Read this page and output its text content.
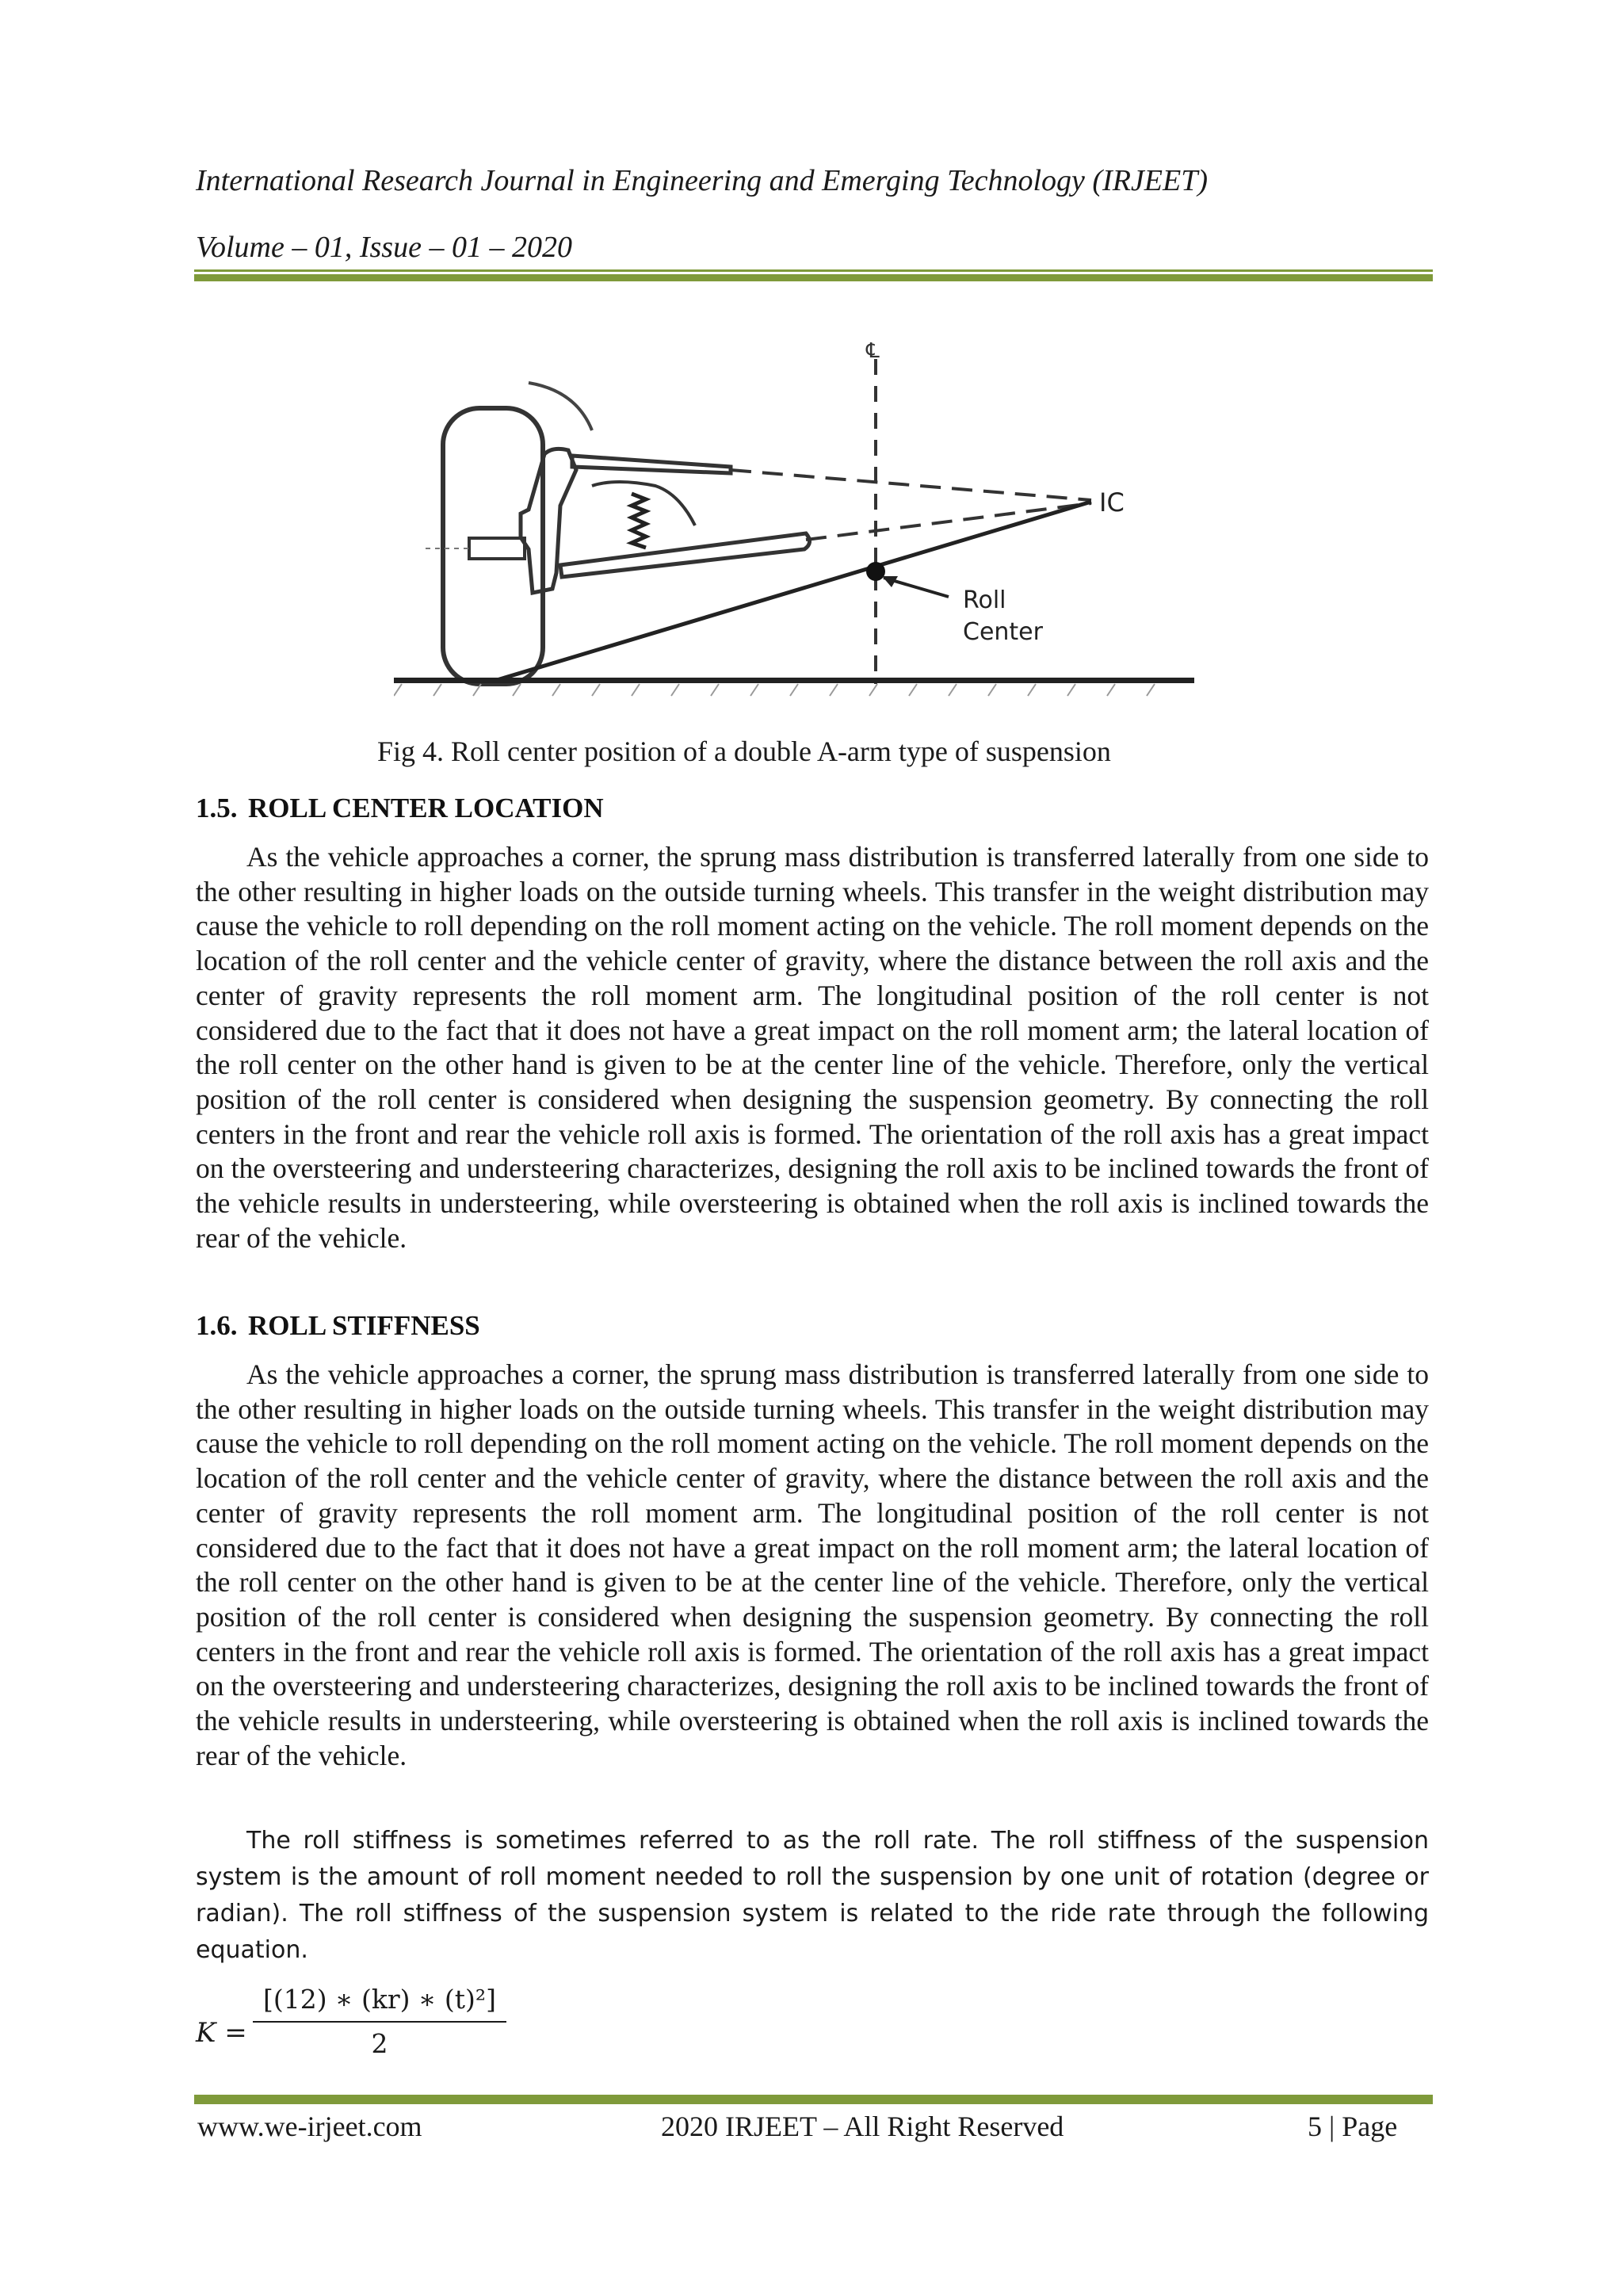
International Research Journal in Engineering and Emerging Technology (IRJEET)
Volume – 01, Issue – 01 – 2020
℄
IC
Roll
Center
Fig 4. Roll center position of a double A-arm type of suspension
1.5. ROLL CENTER LOCATION

As the vehicle approaches a corner, the sprung mass distribution is transferred laterally from one side to the other resulting in higher loads on the outside turning wheels. This transfer in the weight distribution may cause the vehicle to roll depending on the roll moment acting on the vehicle. The roll moment depends on the location of the roll center and the vehicle center of gravity, where the distance between the roll axis and the center of gravity represents the roll moment arm. The longitudinal position of the roll center is not considered due to the fact that it does not have a great impact on the roll moment arm; the lateral location of the roll center on the other hand is given to be at the center line of the vehicle. Therefore, only the vertical position of the roll center is considered when designing the suspension geometry. By connecting the roll centers in the front and rear the vehicle roll axis is formed. The orientation of the roll axis has a great impact on the oversteering and understeering characterizes, designing the roll axis to be inclined towards the front of the vehicle results in understeering, while oversteering is obtained when the roll axis is inclined towards the rear of the vehicle.

1.6. ROLL STIFFNESS

As the vehicle approaches a corner, the sprung mass distribution is transferred laterally from one side to the other resulting in higher loads on the outside turning wheels. This transfer in the weight distribution may cause the vehicle to roll depending on the roll moment acting on the vehicle. The roll moment depends on the location of the roll center and the vehicle center of gravity, where the distance between the roll axis and the center of gravity represents the roll moment arm. The longitudinal position of the roll center is not considered due to the fact that it does not have a great impact on the roll moment arm; the lateral location of the roll center on the other hand is given to be at the center line of the vehicle. Therefore, only the vertical position of the roll center is considered when designing the suspension geometry. By connecting the roll centers in the front and rear the vehicle roll axis is formed. The orientation of the roll axis has a great impact on the oversteering and understeering characterizes, designing the roll axis to be inclined towards the front of the vehicle results in understeering, while oversteering is obtained when the roll axis is inclined towards the rear of the vehicle.

The roll stiffness is sometimes referred to as the roll rate. The roll stiffness of the suspension system is the amount of roll moment needed to roll the suspension by one unit of rotation (degree or radian). The roll stiffness of the suspension system is related to the ride rate through the following equation.

K =
[(12) ∗ (kr) ∗ (t)²]
2
www.we-irjeet.com	2020 IRJEET – All Right Reserved	5 | Page
